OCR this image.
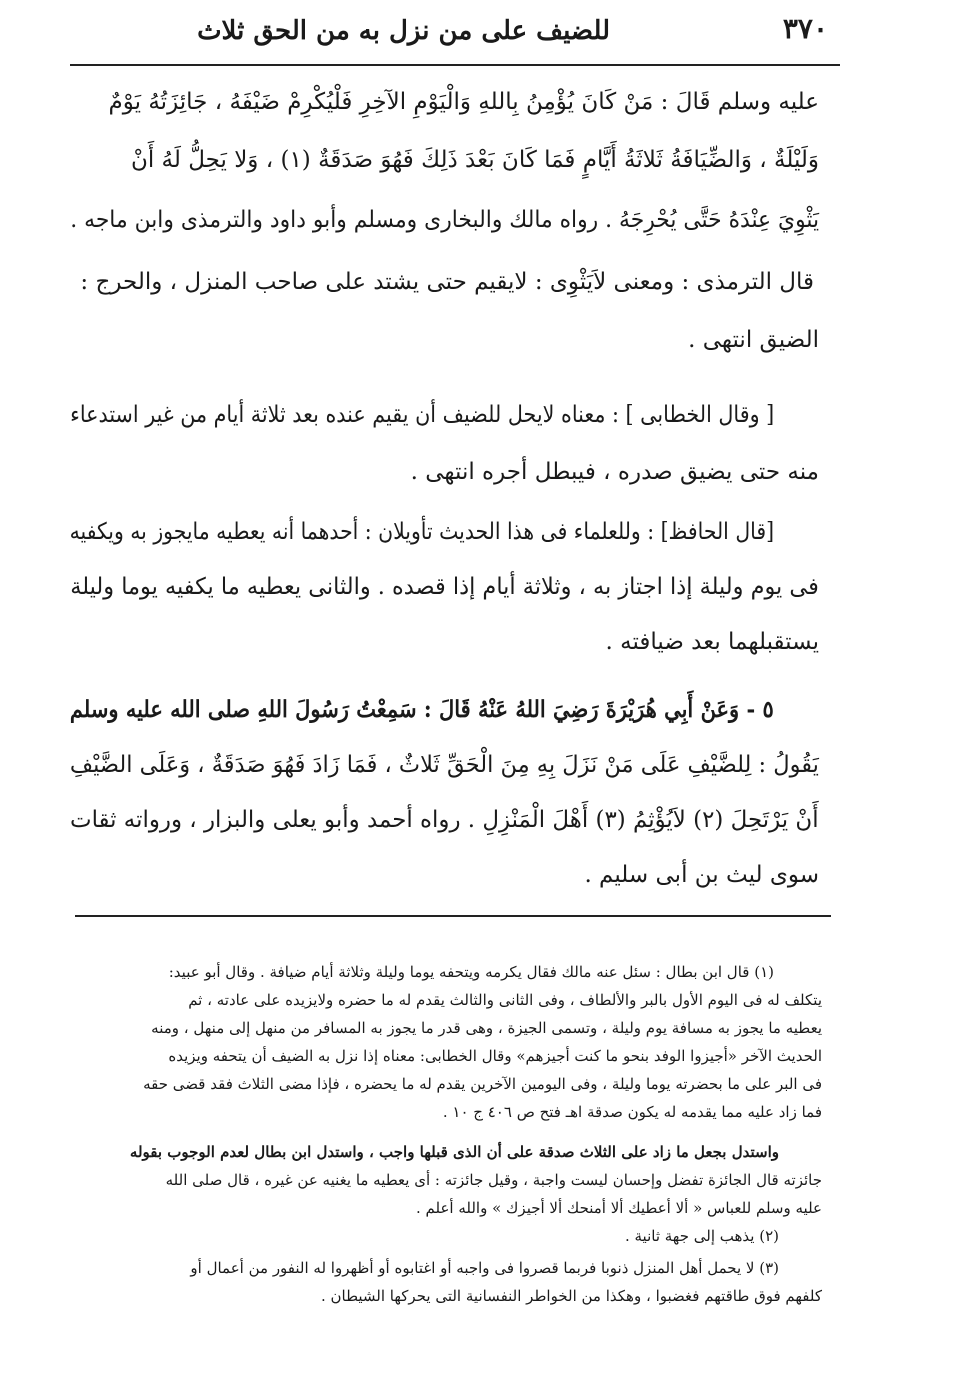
للضيف على من نزل به من الحق ثلاث	٣٧٠
عليه وسلم قَالَ : مَنْ كَانَ يُؤْمِنُ بِاللهِ وَالْيَوْمِ الآخِرِ فَلْيُكْرِمْ ضَيْفَهُ ، جَائِزَتُهُ يَوْمٌ
وَلَيْلَةٌ ، وَالضِّيَافَةُ ثَلاثَةُ أَيَّامٍ فَمَا كَانَ بَعْدَ ذَلِكَ فَهُوَ صَدَقَةٌ (١) ، وَلا يَحِلُّ لَهُ أَنْ
يَثْوِيَ عِنْدَهُ حَتَّى يُحْرِجَهُ . رواه مالك والبخارى ومسلم وأبو داود والترمذى وابن ماجه .
قال الترمذى : ومعنى لاَيَثْوِى : لايقيم حتى يشتد على صاحب المنزل ، والحرج :
الضيق انتهى .
[ وقال الخطابى ] : معناه لايحل للضيف أن يقيم عنده بعد ثلاثة أيام من غير استدعاء
منه حتى يضيق صدره ، فيبطل أجره انتهى .
[قال الحافظ] : وللعلماء فى هذا الحديث تأويلان : أحدهما أنه يعطيه مايجوز به ويكفيه
فى يوم وليلة إذا اجتاز به ، وثلاثة أيام إذا قصده . والثانى يعطيه ما يكفيه يوما وليلة
يستقبلهما بعد ضيافته .
٥ - وَعَنْ أَبِي هُرَيْرَةَ رَضِيَ اللهُ عَنْهُ قَالَ : سَمِعْتُ رَسُولَ اللهِ صلى الله عليه وسلم
يَقُولُ : لِلضَّيْفِ عَلَى مَنْ نَزَلَ بِهِ مِنَ الْحَقِّ ثَلاثٌ ، فَمَا زَادَ فَهُوَ صَدَقَةٌ ، وَعَلَى الضَّيْفِ
أَنْ يَرْتَحِلَ (٢) لاَيُؤْثِمُ (٣) أَهْلَ الْمَنْزِلِ . رواه أحمد وأبو يعلى والبزار ، ورواته ثقات
سوى ليث بن أبى سليم .
(١) قال ابن بطال : سئل عنه مالك فقال يكرمه ويتحفه يوما وليلة وثلاثة أيام ضيافة . وقال أبو عبيد:
يتكلف له فى اليوم الأول بالبر والألطاف ، وفى الثانى والثالث يقدم له ما حضره ولايزيده على عادته ، ثم
يعطيه ما يجوز به مسافة يوم وليلة ، وتسمى الجيزة ، وهى قدر ما يجوز به المسافر من منهل إلى منهل ، ومنه
الحديث الآخر «أجيزوا الوفد بنحو ما كنت أجيزهم» وقال الخطابى: معناه إذا نزل به الضيف أن يتحفه ويزيده
فى البر على ما بحضرته يوما وليلة ، وفى اليومين الآخرين يقدم له ما يحضره ، فإذا مضى الثلاث فقد قضى حقه
فما زاد عليه مما يقدمه له يكون صدقة اهـ فتح ص ٤٠٦ ج ١٠ .
واستدل بجعل ما زاد على الثلاث صدقة على أن الذى قبلها واجب ، واستدل ابن بطال لعدم الوجوب بقوله
جائزته قال الجائزة تفضل وإحسان ليست واجبة ، وقيل جائزته : أى يعطيه ما يغنيه عن غيره ، قال صلى الله
عليه وسلم للعباس « ألا أعطيك ألا أمنحك ألا أجيزك » والله أعلم .
(٢) يذهب إلى جهة ثانية .
(٣) لا يحمل أهل المنزل ذنوبا فربما قصروا فى واجبه أو اغتابوه أو أظهروا له النفور من أعمال أو
كلفهم فوق طاقتهم فغضبوا ، وهكذا من الخواطر النفسانية التى يحركها الشيطان .
